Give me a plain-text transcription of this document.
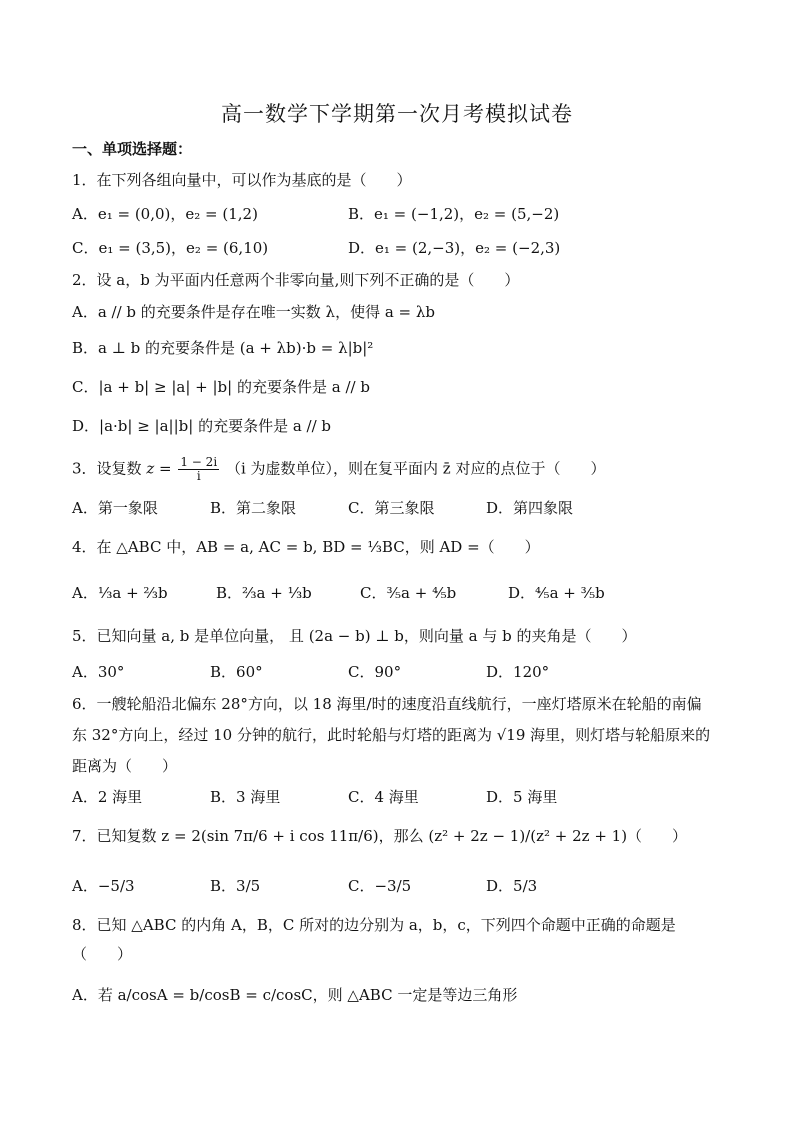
高一数学下学期第一次月考模拟试卷
一、单项选择题：
1．在下列各组向量中，可以作为基底的是（　　）
A．e₁ = (0,0)，e₂ = (1,2)	B．e₁ = (−1,2)，e₂ = (5,−2)
C．e₁ = (3,5)，e₂ = (6,10)	D．e₁ = (2,−3)，e₂ = (−2,3)
2．设 a，b 为平面内任意两个非零向量,则下列不正确的是（　　）
A．a // b 的充要条件是存在唯一实数 λ，使得 a = λb
B．a ⊥ b 的充要条件是 (a + λb)·b = λ|b|²
C．|a + b| ≥ |a| + |b| 的充要条件是 a // b
D．|a·b| ≥ |a||b| 的充要条件是 a // b
3．设复数 $z = \frac{1 - 2i}{i} (i$ 为虚数单位），则在复平面内 z̄ 对应的点位于（　　）
A．第一象限	B．第二象限	C．第三象限	D．第四象限
4．在 △ABC 中，AB = a, AC = b, BD = ⅓BC，则 AD =（　　）
A．⅓a + ⅔b	B．⅔a + ⅓b	C．⅗a + ⅘b	D．⅘a + ⅗b
5．已知向量 a, b 是单位向量， 且 (2a − b) ⊥ b，则向量 a 与 b 的夹角是（　　）
A．30°	B．60°	C．90°	D．120°
6．一艘轮船沿北偏东 28°方向，以 18 海里/时的速度沿直线航行，一座灯塔原米在轮船的南偏
东 32°方向上，经过 10 分钟的航行，此时轮船与灯塔的距离为 √19 海里，则灯塔与轮船原来的
距离为（　　）
A．2 海里	B．3 海里	C．4 海里	D．5 海里
7．已知复数 z = 2(sin 7π/6 + i cos 11π/6)，那么 (z² + 2z − 1)/(z² + 2z + 1)（　　）
A．−5/3	B．3/5	C．−3/5	D．5/3
8．已知 △ABC 的内角 A，B，C 所对的边分别为 a，b，c，下列四个命题中正确的命题是
（　　）
A．若 a/cosA = b/cosB = c/cosC，则 △ABC 一定是等边三角形
